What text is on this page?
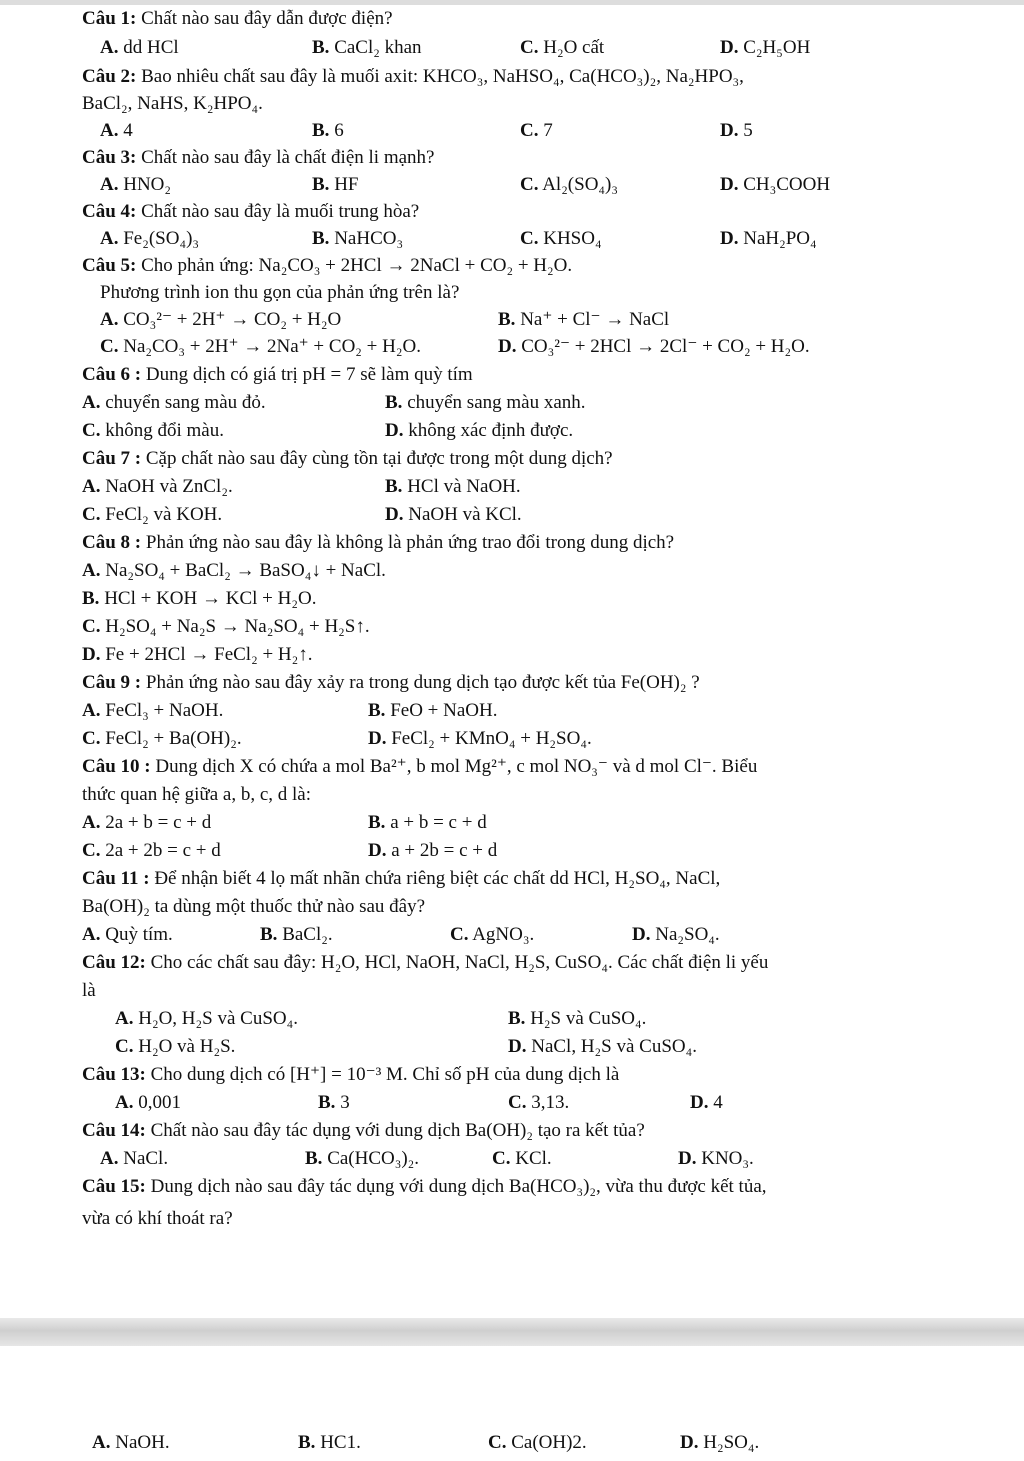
Câu 1: Chất nào sau đây dẫn được điện?
A. dd HCl	B. CaCl₂ khan	C. H₂O cất	D. C₂H₅OH
Câu 2: Bao nhiêu chất sau đây là muối axit: KHCO₃, NaHSO₄, Ca(HCO₃)₂, Na₂HPO₃,
BaCl₂, NaHS, K₂HPO₄.
A. 4	B. 6	C. 7	D. 5
Câu 3: Chất nào sau đây là chất điện li mạnh?
A. HNO₂	B. HF	C. Al₂(SO₄)₃	D. CH₃COOH
Câu 4: Chất nào sau đây là muối trung hòa?
A. Fe₂(SO₄)₃	B. NaHCO₃	C. KHSO₄	D. NaH₂PO₄
Câu 5: Cho phản ứng: Na₂CO₃ + 2HCl → 2NaCl + CO₂ + H₂O.
Phương trình ion thu gọn của phản ứng trên là?
A. CO₃²⁻ + 2H⁺ → CO₂ + H₂O	B. Na⁺ + Cl⁻ → NaCl
C. Na₂CO₃ + 2H⁺ → 2Na⁺ + CO₂ + H₂O.	D. CO₃²⁻ + 2HCl → 2Cl⁻ + CO₂ + H₂O.
Câu 6 : Dung dịch có giá trị pH = 7 sẽ làm quỳ tím
A. chuyển sang màu đỏ.	B. chuyển sang màu xanh.
C. không đổi màu.	D. không xác định được.
Câu 7 : Cặp chất nào sau đây cùng tồn tại được trong một dung dịch?
A. NaOH và ZnCl₂.	B. HCl và NaOH.
C. FeCl₂ và KOH.	D. NaOH và KCl.
Câu 8 : Phản ứng nào sau đây là không là phản ứng trao đổi trong dung dịch?
A. Na₂SO₄ + BaCl₂ → BaSO₄↓ + NaCl.
B. HCl + KOH → KCl + H₂O.
C. H₂SO₄ + Na₂S → Na₂SO₄ + H₂S↑.
D. Fe + 2HCl → FeCl₂ + H₂↑.
Câu 9 : Phản ứng nào sau đây xảy ra trong dung dịch tạo được kết tủa Fe(OH)₂ ?
A. FeCl₃ + NaOH.	B. FeO + NaOH.
C. FeCl₂ + Ba(OH)₂.	D. FeCl₂ + KMnO₄ + H₂SO₄.
Câu 10 : Dung dịch X có chứa a mol Ba²⁺, b mol Mg²⁺, c mol NO₃⁻ và d mol Cl⁻. Biểu
thức quan hệ giữa a, b, c, d là:
A. 2a + b = c + d	B. a + b = c + d
C. 2a + 2b = c + d	D. a + 2b = c + d
Câu 11 : Để nhận biết 4 lọ mất nhãn chứa riêng biệt các chất dd HCl, H₂SO₄, NaCl,
Ba(OH)₂ ta dùng một thuốc thử nào sau đây?
A. Quỳ tím.	B. BaCl₂.	C. AgNO₃.	D. Na₂SO₄.
Câu 12: Cho các chất sau đây: H₂O, HCl, NaOH, NaCl, H₂S, CuSO₄. Các chất điện li yếu
là
A. H₂O, H₂S và CuSO₄.	B. H₂S và CuSO₄.
C. H₂O và H₂S.	D. NaCl, H₂S và CuSO₄.
Câu 13: Cho dung dịch có [H⁺] = 10⁻³ M. Chỉ số pH của dung dịch là
A. 0,001	B. 3	C. 3,13.	D. 4
Câu 14: Chất nào sau đây tác dụng với dung dịch Ba(OH)₂ tạo ra kết tủa?
A. NaCl.	B. Ca(HCO₃)₂.	C. KCl.	D. KNO₃.
Câu 15: Dung dịch nào sau đây tác dụng với dung dịch Ba(HCO₃)₂, vừa thu được kết tủa,
vừa có khí thoát ra?
A. NaOH.	B. HC1.	C. Ca(OH)2.	D. H₂SO₄.
